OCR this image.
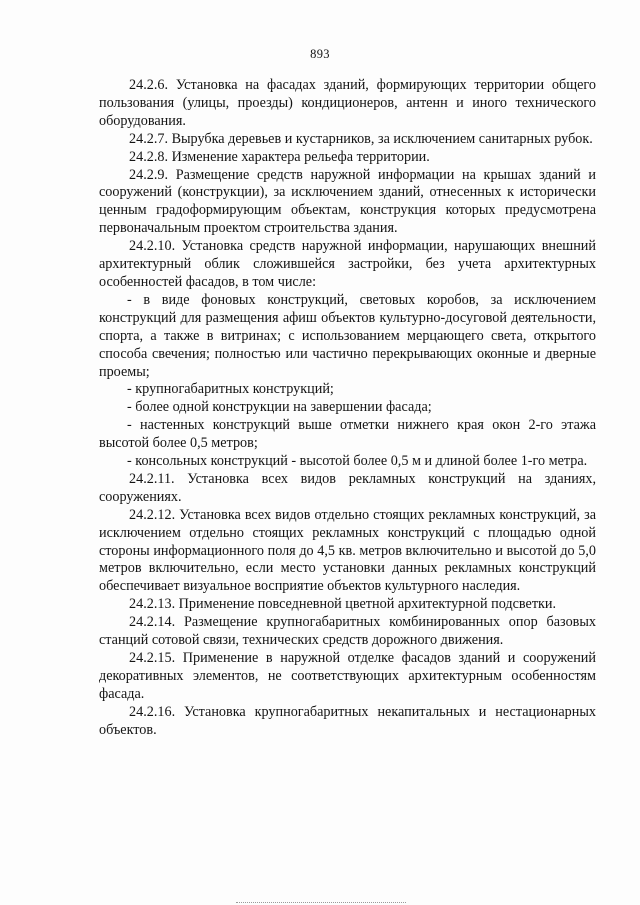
893

24.2.6. Установка на фасадах зданий, формирующих территории общего пользования (улицы, проезды) кондиционеров, антенн и иного технического оборудования.

24.2.7. Вырубка деревьев и кустарников, за исключением санитарных рубок.

24.2.8. Изменение характера рельефа территории.

24.2.9. Размещение средств наружной информации на крышах зданий и сооружений (конструкции), за исключением зданий, отнесенных к исторически ценным градоформирующим объектам, конструкция которых предусмотрена первоначальным проектом строительства здания.

24.2.10. Установка средств наружной информации, нарушающих внешний архитектурный облик сложившейся застройки, без учета архитектурных особенностей фасадов, в том числе:

- в виде фоновых конструкций, световых коробов, за исключением конструкций для размещения афиш объектов культурно-досуговой деятельности, спорта, а также в витринах; с использованием мерцающего света, открытого способа свечения; полностью или частично перекрывающих оконные и дверные проемы;

- крупногабаритных конструкций;

- более одной конструкции на завершении фасада;

- настенных конструкций выше отметки нижнего края окон 2-го этажа высотой более 0,5 метров;

- консольных конструкций - высотой более 0,5 м и длиной более 1-го метра.

24.2.11. Установка всех видов рекламных конструкций на зданиях, сооружениях.

24.2.12. Установка всех видов отдельно стоящих рекламных конструкций, за исключением отдельно стоящих рекламных конструкций с площадью одной стороны информационного поля до 4,5 кв. метров включительно и высотой до 5,0 метров включительно, если место установки данных рекламных конструкций обеспечивает визуальное восприятие объектов культурного наследия.

24.2.13. Применение повседневной цветной архитектурной подсветки.

24.2.14. Размещение крупногабаритных комбинированных опор базовых станций сотовой связи, технических средств дорожного движения.

24.2.15. Применение в наружной отделке фасадов зданий и сооружений декоративных элементов, не соответствующих архитектурным особенностям фасада.

24.2.16. Установка крупногабаритных некапитальных и нестационарных объектов.
